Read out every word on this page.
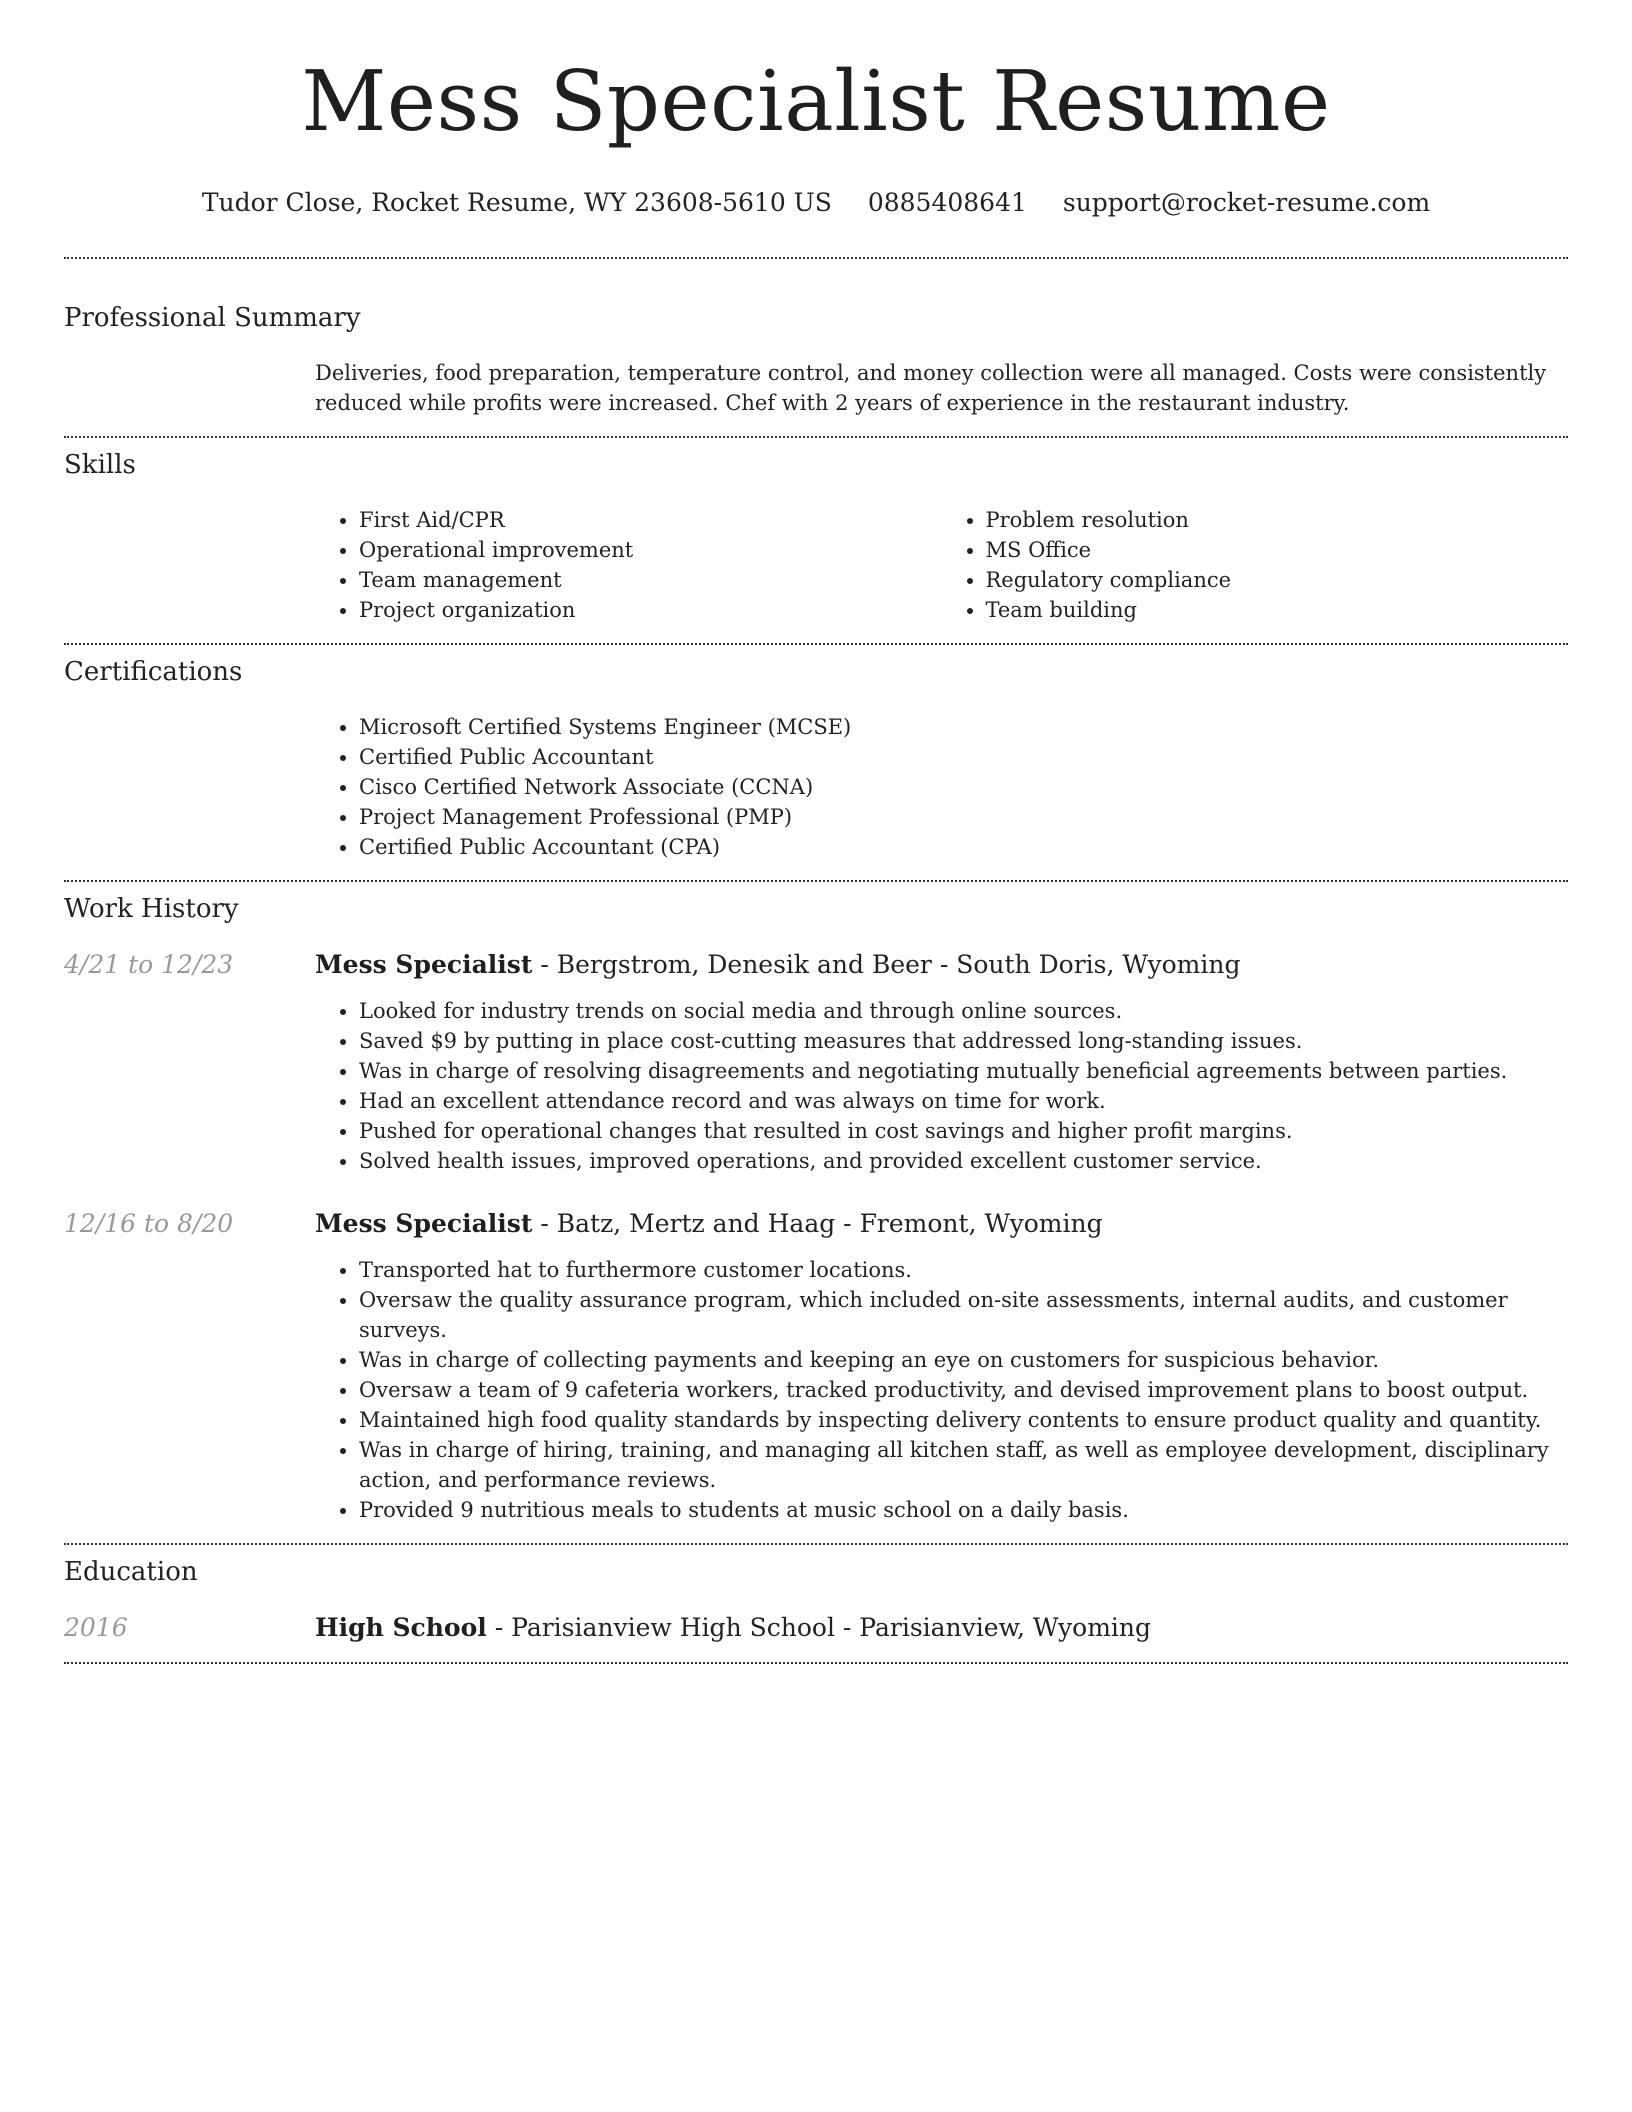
Mess Specialist Resume
Tudor Close, Rocket Resume, WY 23608-5610 US 0885408641 support@rocket-resume.com
Professional Summary
Deliveries, food preparation, temperature control, and money collection were all managed. Costs were consistently reduced while profits were increased. Chef with 2 years of experience in the restaurant industry.
Skills
• First Aid/CPR
• Operational improvement
• Team management
• Project organization
• Problem resolution
• MS Office
• Regulatory compliance
• Team building
Certifications
• Microsoft Certified Systems Engineer (MCSE)
• Certified Public Accountant
• Cisco Certified Network Associate (CCNA)
• Project Management Professional (PMP)
• Certified Public Accountant (CPA)
Work History
4/21 to 12/23	Mess Specialist - Bergstrom, Denesik and Beer - South Doris, Wyoming
• Looked for industry trends on social media and through online sources.
• Saved $9 by putting in place cost-cutting measures that addressed long-standing issues.
• Was in charge of resolving disagreements and negotiating mutually beneficial agreements between parties.
• Had an excellent attendance record and was always on time for work.
• Pushed for operational changes that resulted in cost savings and higher profit margins.
• Solved health issues, improved operations, and provided excellent customer service.
12/16 to 8/20	Mess Specialist - Batz, Mertz and Haag - Fremont, Wyoming
• Transported hat to furthermore customer locations.
• Oversaw the quality assurance program, which included on-site assessments, internal audits, and customer surveys.
• Was in charge of collecting payments and keeping an eye on customers for suspicious behavior.
• Oversaw a team of 9 cafeteria workers, tracked productivity, and devised improvement plans to boost output.
• Maintained high food quality standards by inspecting delivery contents to ensure product quality and quantity.
• Was in charge of hiring, training, and managing all kitchen staff, as well as employee development, disciplinary action, and performance reviews.
• Provided 9 nutritious meals to students at music school on a daily basis.
Education
2016	High School - Parisianview High School - Parisianview, Wyoming
